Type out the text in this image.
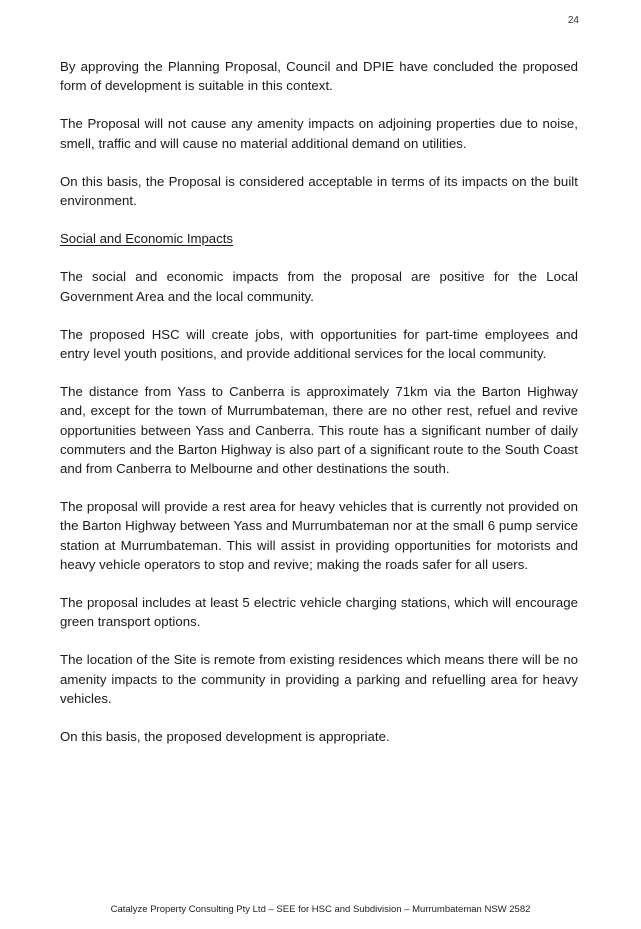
24

By approving the Planning Proposal, Council and DPIE have concluded the proposed form of development is suitable in this context.

The Proposal will not cause any amenity impacts on adjoining properties due to noise, smell, traffic and will cause no material additional demand on utilities.

On this basis, the Proposal is considered acceptable in terms of its impacts on the built environment.

Social and Economic Impacts

The social and economic impacts from the proposal are positive for the Local Government Area and the local community.

The proposed HSC will create jobs, with opportunities for part-time employees and entry level youth positions, and provide additional services for the local community.

The distance from Yass to Canberra is approximately 71km via the Barton Highway and, except for the town of Murrumbateman, there are no other rest, refuel and revive opportunities between Yass and Canberra. This route has a significant number of daily commuters and the Barton Highway is also part of a significant route to the South Coast and from Canberra to Melbourne and other destinations the south.

The proposal will provide a rest area for heavy vehicles that is currently not provided on the Barton Highway between Yass and Murrumbateman nor at the small 6 pump service station at Murrumbateman. This will assist in providing opportunities for motorists and heavy vehicle operators to stop and revive; making the roads safer for all users.

The proposal includes at least 5 electric vehicle charging stations, which will encourage green transport options.

The location of the Site is remote from existing residences which means there will be no amenity impacts to the community in providing a parking and refuelling area for heavy vehicles.

On this basis, the proposed development is appropriate.

Catalyze Property Consulting Pty Ltd – SEE for HSC and Subdivision – Murrumbateman NSW 2582
